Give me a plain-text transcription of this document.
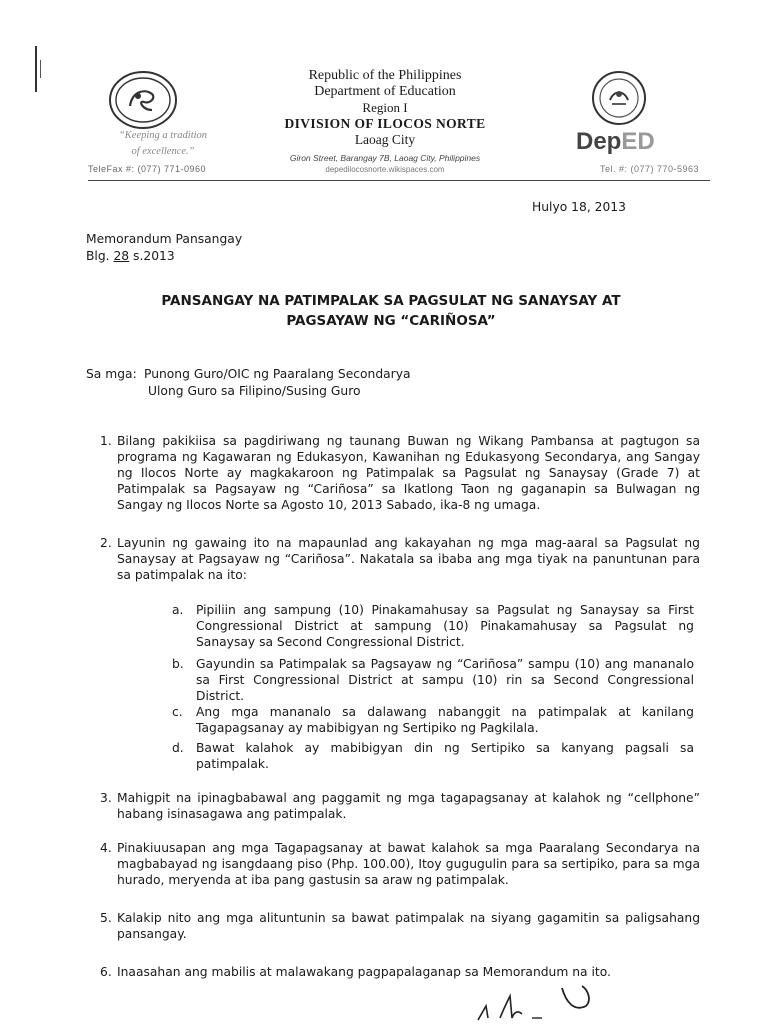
“Keeping a tradition
of excellence.”
TeleFax #: (077) 771-0960
Republic of the Philippines
Department of Education
Region I
DIVISION OF ILOCOS NORTE
Laoag City
Giron Street, Barangay 7B, Laoag City, Philippines
depedilocosnorte.wikispaces.com
DepED
Tel. #: (077) 770-5963
Hulyo 18, 2013
Memorandum Pansangay
Blg. 28 s.2013
PANSANGAY NA PATIMPALAK SA PAGSULAT NG SANAYSAY AT
PAGSAYAW NG “CARIÑOSA”
Sa mga: Punong Guro/OIC ng Paaralang Secondarya
Ulong Guro sa Filipino/Susing Guro
1. Bilang pakikiisa sa pagdiriwang ng taunang Buwan ng Wikang Pambansa at pagtugon sa programa ng Kagawaran ng Edukasyon, Kawanihan ng Edukasyong Secondarya, ang Sangay ng Ilocos Norte ay magkakaroon ng Patimpalak sa Pagsulat ng Sanaysay (Grade 7) at Patimpalak sa Pagsayaw ng “Cariñosa” sa Ikatlong Taon ng gaganapin sa Bulwagan ng Sangay ng Ilocos Norte sa Agosto 10, 2013 Sabado, ika-8 ng umaga.
2. Layunin ng gawaing ito na mapaunlad ang kakayahan ng mga mag-aaral sa Pagsulat ng Sanaysay at Pagsayaw ng “Cariñosa”. Nakatala sa ibaba ang mga tiyak na panuntunan para sa patimpalak na ito:
a. Pipiliin ang sampung (10) Pinakamahusay sa Pagsulat ng Sanaysay sa First Congressional District at sampung (10) Pinakamahusay sa Pagsulat ng Sanaysay sa Second Congressional District.
b. Gayundin sa Patimpalak sa Pagsayaw ng “Cariñosa” sampu (10) ang mananalo sa First Congressional District at sampu (10) rin sa Second Congressional District.
c. Ang mga mananalo sa dalawang nabanggit na patimpalak at kanilang Tagapagsanay ay mabibigyan ng Sertipiko ng Pagkilala.
d. Bawat kalahok ay mabibigyan din ng Sertipiko sa kanyang pagsali sa patimpalak.
3. Mahigpit na ipinagbabawal ang paggamit ng mga tagapagsanay at kalahok ng “cellphone” habang isinasagawa ang patimpalak.
4. Pinakiuusapan ang mga Tagapagsanay at bawat kalahok sa mga Paaralang Secondarya na magbabayad ng isangdaang piso (Php. 100.00), Itoy gugugulin para sa sertipiko, para sa mga hurado, meryenda at iba pang gastusin sa araw ng patimpalak.
5. Kalakip nito ang mga alituntunin sa bawat patimpalak na siyang gagamitin sa paligsahang pansangay.
6. Inaasahan ang mabilis at malawakang pagpapalaganap sa Memorandum na ito.
